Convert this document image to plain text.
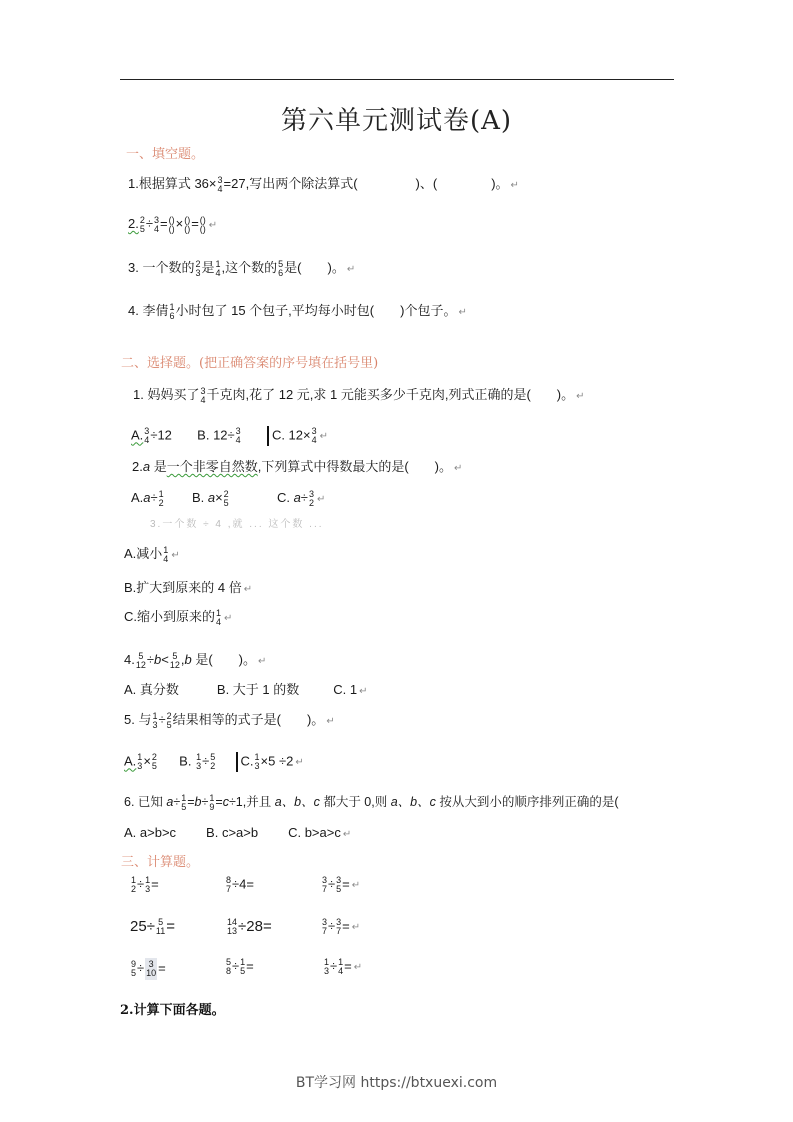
第六单元测试卷(A)
一、填空题。
1.根据算式 36× 3
4 =27,写出两个除法算式(	)、(	)。 ↵
2. 2
5 ÷ 3
4 = ()
() × ()
() = ()
() ↵
3. 一个数的 2
3 是 1
4 ,这个数的 5
6 是(　　)。 ↵
4. 李倩 1
6 小时包了 15 个包子,平均每小时包(　　)个包子。 ↵
二、选择题。(把正确答案的序号填在括号里)
1. 妈妈买了 3
4 千克肉,花了 12 元,求 1 元能买多少千克肉,列式正确的是(　　)。 ↵
A. 3
4 ÷12 B. 12÷ 3
4 C. 12× 3
4 ↵
2.a 是一个非零自然数,下列算式中得数最大的是(　　)。 ↵
A.a÷ 1
2 B. a× 2
5	C. a÷ 3
2 ↵
3.一个数 ÷ 4 ,就 ... 这个数 ...
A.减小 1
4 ↵
B.扩大到原来的 4 倍 ↵
C.缩小到原来的 1
4 ↵
4. 5
12 ÷b< 5
12 ,b 是(　　)。 ↵
A. 真分数	B. 大于 1 的数	C. 1 ↵
5. 与 1
3 ÷ 2
5 结果相等的式子是(　　)。 ↵
A. 1
3 × 2
5 B. 1
3 ÷ 5
2 C. 1
3 ×5 ÷2 ↵
6. 已知 a÷ 1
5 =b÷ 1
9 =c÷1,并且 a、b、c 都大于 0,则 a、b、c 按从大到小的顺序排列正确的是(
A. a>b>c B. c>a>b C. b>a>c ↵
三、计算题。
1
2 ÷ 1
3 =	8
7 ÷4=	3
7 ÷ 3
5 = ↵
25÷ 5
11 =	14
13 ÷28=	3
7 ÷ 3
7 = ↵
9
5 ÷ 3
10 =	5
8 ÷ 1
5 =	1
3 ÷ 1
4 = ↵
2.计算下面各题。
BT学习网 https://btxuexi.com
